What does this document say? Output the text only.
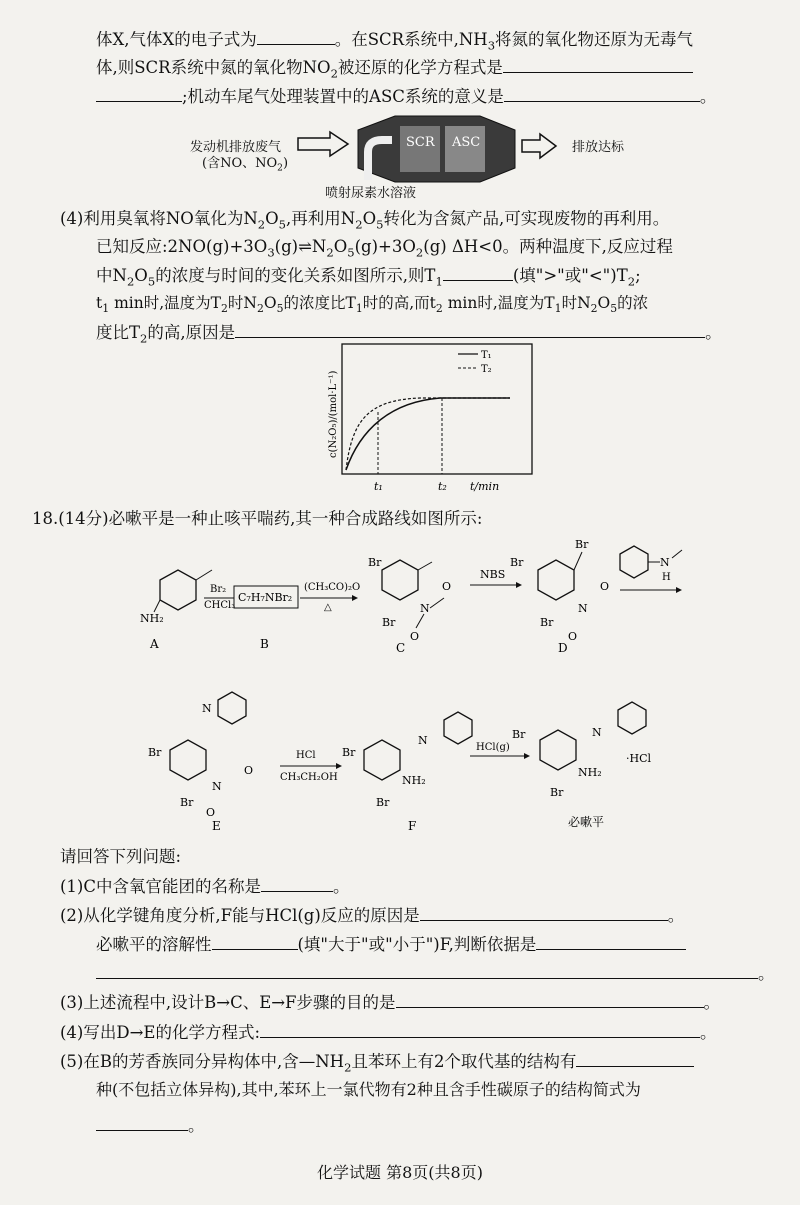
体X,气体X的电子式为	。在SCR系统中$,NH_3$将氮的氧化物还原为无毒气
体,则SCR系统中氮的氧化物$NO_2$被还原的化学方程式是
;机动车尾气处理装置中的ASC系统的意义是	。
发动机排放废气
(含NO、$NO_2$)
SCR ASC	排放达标
喷射尿素水溶液
(4)利用臭氧将NO氧化为$N_2O_5$,再利用$N_2O_5$转化为含氮产品,可实现废物的再利用。
已知反应$:2NO(g)+3O_3(g)\rightleftharpoons N_2O_5(g)+3O_2(g)$ ΔH<0。两种温度下,反应过程
中$N_2O_5$的浓度与时间的变化关系如图所示,则$T_1$	(填">"或"$<")T_2$;
$t_1$ min时,温度为$T_2$时$N_2O_5$的浓度比$T_1$时的高,而$t_2$ min时,温度为$T_1$时$N_2O_5$的浓
度比$T_2$的高,原因是	。
T₁
T₂
t₁	t₂ t/min
c(N₂O₅)/(mol·L⁻¹)
18.(14分)必嗽平是一种止咳平喘药,其一种合成路线如图所示:
NH₂
A
Br₂
CHCl₃
C₇H₇NBr₂
B
(CH₃CO)₂O
△
Br
Br
N
O
O
C
NBS
Br
Br
Br
N
O
O
D
N
H
N
Br
Br
N
O
O
E
HCl
CH₃CH₂OH
Br
Br
NH₂
N
F
HCl(g)
Br
Br
NH₂
N
·HCl
必嗽平
请回答下列问题:
(1)C中含氧官能团的名称是	。
(2)从化学键角度分析,F能与HCl(g)反应的原因是	。
必嗽平的溶解性	(填"大于"或"小于")F,判断依据是
。
(3)上述流程中,设计B→C、E→F步骤的目的是	。
(4)写出D→E的化学方程式:	。
(5)在B的芳香族同分异构体中,含$—NH_2$且苯环上有2个取代基的结构有
种(不包括立体异构),其中,苯环上一氯代物有2种且含手性碳原子的结构简式为
。
化学试题 第8页(共8页)
